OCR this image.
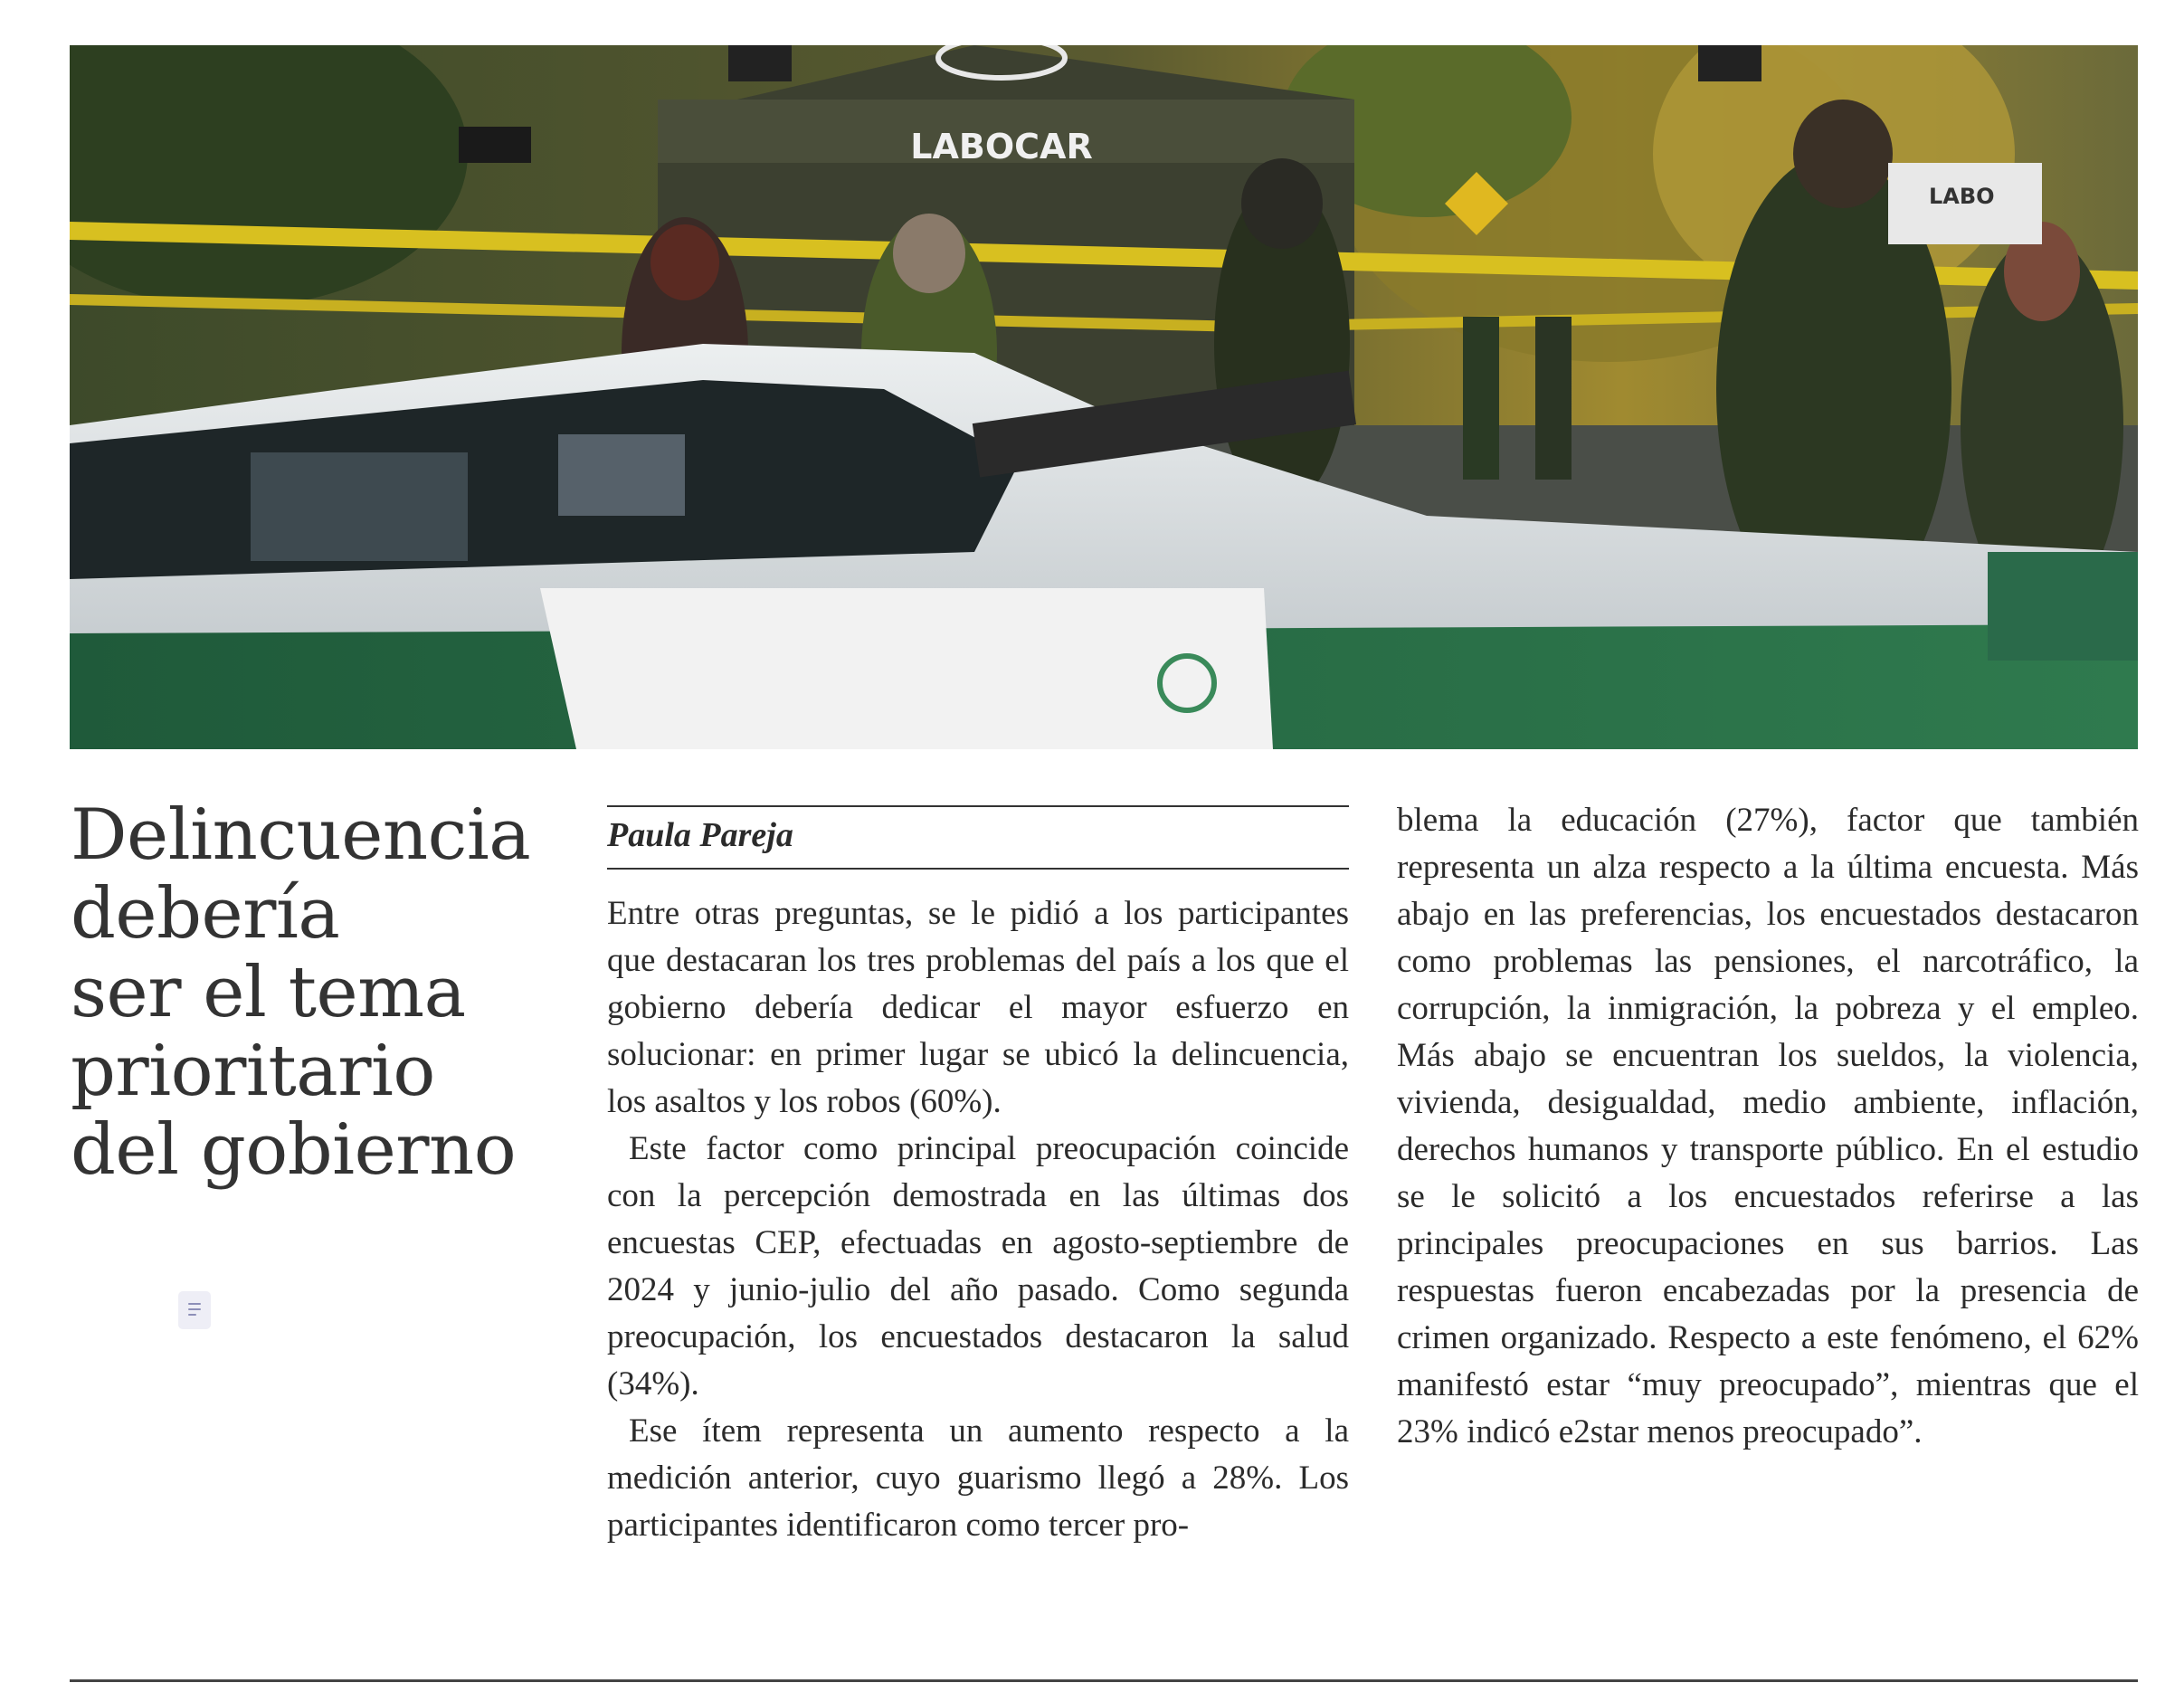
LABOCAR
LABO
Delincuencia
debería
ser el tema
prioritario
del gobierno
Paula Pareja

Entre otras preguntas, se le pidió a los participantes que destacaran los tres problemas del país a los que el gobierno debería dedicar el mayor esfuerzo en solucionar: en primer lugar se ubicó la delincuencia, los asaltos y los robos (60%).

Este factor como principal preocupación coincide con la percepción demostrada en las últimas dos encuestas CEP, efectuadas en agosto-septiembre de 2024 y junio-julio del año pasado. Como segunda preocupación, los encuestados destacaron la salud (34%).

Ese ítem representa un aumento respecto a la medición anterior, cuyo guarismo llegó a 28%. Los participantes identificaron como tercer pro-

blema la educación (27%), factor que también representa un alza respecto a la última encuesta. Más abajo en las preferencias, los encuestados destacaron como problemas las pensiones, el narcotráfico, la corrupción, la inmigración, la pobreza y el empleo. Más abajo se encuentran los sueldos, la violencia, vivienda, desigualdad, medio ambiente, inflación, derechos humanos y transporte público. En el estudio se le solicitó a los encuestados referirse a las principales preocupaciones en sus barrios. Las respuestas fueron encabezadas por la presencia de crimen organizado. Respecto a este fenómeno, el 62% manifestó estar “muy preocupado”, mientras que el 23% indicó e2star menos preocupado”.
